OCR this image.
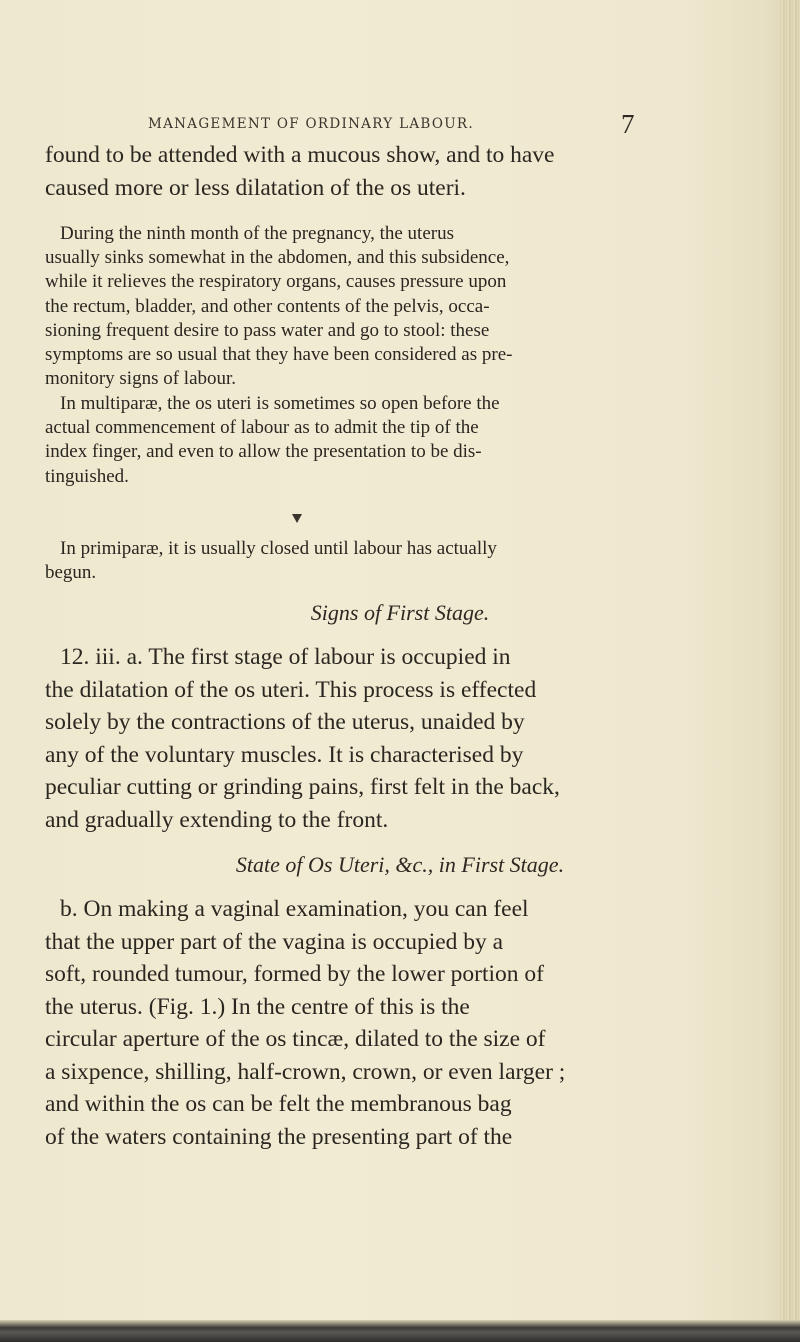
MANAGEMENT OF ORDINARY LABOUR.	7
found to be attended with a mucous show, and to have
caused more or less dilatation of the os uteri.
During the ninth month of the pregnancy, the uterus
usually sinks somewhat in the abdomen, and this subsidence,
while it relieves the respiratory organs, causes pressure upon
the rectum, bladder, and other contents of the pelvis, occa-
sioning frequent desire to pass water and go to stool: these
symptoms are so usual that they have been considered as pre-
monitory signs of labour.
In multiparæ, the os uteri is sometimes so open before the
actual commencement of labour as to admit the tip of the
index finger, and even to allow the presentation to be dis-
tinguished.
In primiparæ, it is usually closed until labour has actually
begun.
Signs of First Stage.
12. iii. a. The first stage of labour is occupied in
the dilatation of the os uteri. This process is effected
solely by the contractions of the uterus, unaided by
any of the voluntary muscles. It is characterised by
peculiar cutting or grinding pains, first felt in the back,
and gradually extending to the front.
State of Os Uteri, &c., in First Stage.
b. On making a vaginal examination, you can feel
that the upper part of the vagina is occupied by a
soft, rounded tumour, formed by the lower portion of
the uterus. (Fig. 1.) In the centre of this is the
circular aperture of the os tincæ, dilated to the size of
a sixpence, shilling, half-crown, crown, or even larger ;
and within the os can be felt the membranous bag
of the waters containing the presenting part of the
